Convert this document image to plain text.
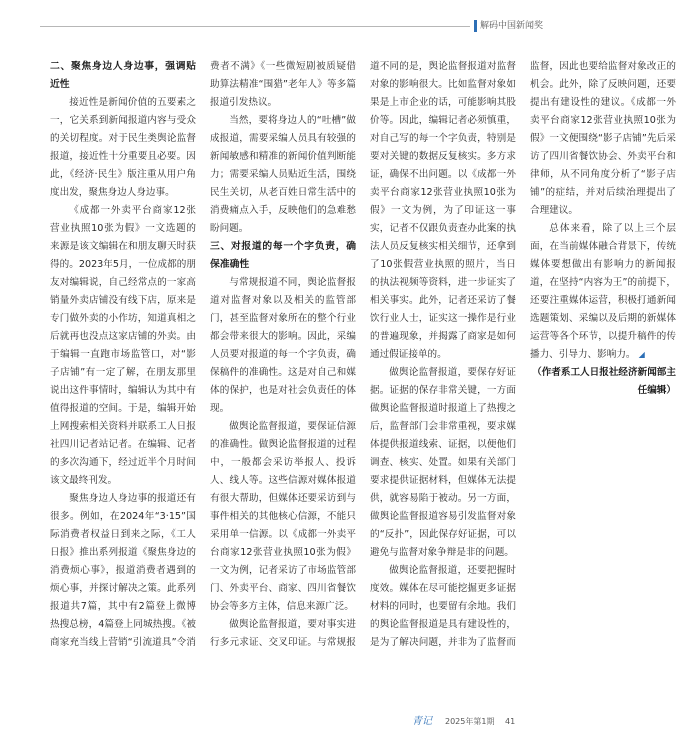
解码中国新闻奖
二、聚焦身边人身边事，强调贴近性

接近性是新闻价值的五要素之一，它关系到新闻报道内容与受众的关切程度。对于民生类舆论监督报道，接近性十分重要且必要。因此，《经济·民生》版注重从用户角度出发，聚焦身边人身边事。

《成都一外卖平台商家12张营业执照10张为假》一文选题的来源是该文编辑在和朋友聊天时获得的。2023年5月，一位成都的朋友对编辑说，自己经常点的一家高销量外卖店铺没有线下店，原来是专门做外卖的小作坊，知道真相之后就再也没点这家店铺的外卖。由于编辑一直跑市场监管口，对“影子店铺”有一定了解，在朋友那里说出这件事情时，编辑认为其中有值得报道的空间。于是，编辑开始上网搜索相关资料并联系工人日报社四川记者站记者。在编辑、记者的多次沟通下，经过近半个月时间该文最终刊发。

聚焦身边人身边事的报道还有很多。例如，在2024年“3·15”国际消费者权益日到来之际，《工人日报》推出系列报道《聚焦身边的消费烦心事》，报道消费者遇到的烦心事，并探讨解决之策。此系列报道共7篇，其中有2篇登上微博热搜总榜，4篇登上同城热搜。《被商家充当线上营销“引流道具”令消费者不满》《一些微短剧被质疑借助算法精准“围猎”老年人》等多篇报道引发热议。

当然，要将身边人的“吐槽”做成报道，需要采编人员具有较强的新闻敏感和精准的新闻价值判断能力；需要采编人员贴近生活，围绕民生关切，从老百姓日常生活中的消费痛点入手，反映他们的急难愁盼问题。

三、对报道的每一个字负责，确保准确性

与常规报道不同，舆论监督报道对监督对象以及相关的监管部门，甚至监督对象所在的整个行业都会带来很大的影响。因此，采编人员要对报道的每一个字负责，确保稿件的准确性。这是对自己和媒体的保护，也是对社会负责任的体现。

做舆论监督报道，要保证信源的准确性。做舆论监督报道的过程中，一般都会采访举报人、投诉人、线人等。这些信源对媒体报道有很大帮助，但媒体还要采访到与事件相关的其他核心信源，不能只采用单一信源。以《成都一外卖平台商家12张营业执照10张为假》一文为例，记者采访了市场监管部门、外卖平台、商家、四川省餐饮协会等多方主体，信息来源广泛。

做舆论监督报道，要对事实进行多元求证、交叉印证。与常规报道不同的是，舆论监督报道对监督对象的影响很大。比如监督对象如果是上市企业的话，可能影响其股价等。因此，编辑记者必须慎重，对自己写的每一个字负责，特别是要对关键的数据反复核实。多方求证，确保不出问题。以《成都一外卖平台商家12张营业执照10张为假》一文为例，为了印证这一事实，记者不仅跟负责查办此案的执法人员反复核实相关细节，还拿到了10张假营业执照的照片，当日的执法视频等资料，进一步证实了相关事实。此外，记者还采访了餐饮行业人士，证实这一操作是行业的普遍现象，并揭露了商家是如何通过假证接单的。

做舆论监督报道，要保存好证据。证据的保存非常关键，一方面做舆论监督报道时报道上了热搜之后，监督部门会非常重视，要求媒体提供报道线索、证据，以便他们调查、核实、处置。如果有关部门要求提供证据材料，但媒体无法提供，就容易陷于被动。另一方面，做舆论监督报道容易引发监督对象的“反扑”，因此保存好证据，可以避免与监督对象争辩是非的问题。

做舆论监督报道，还要把握时度效。媒体在尽可能挖掘更多证据材料的同时，也要留有余地。我们的舆论监督报道是具有建设性的，是为了解决问题，并非为了监督而监督，因此也要给监督对象改正的机会。此外，除了反映问题，还要提出有建设性的建议。《成都一外卖平台商家12张营业执照10张为假》一文便围绕“影子店铺”先后采访了四川省餐饮协会、外卖平台和律师，从不同角度分析了“影子店铺”的症结，并对后续治理提出了合理建议。

总体来看，除了以上三个层面，在当前媒体融合背景下，传统媒体要想做出有影响力的新闻报道，在坚持“内容为王”的前提下，还要注重媒体运营，积极打通新闻选题策划、采编以及后期的新媒体运营等各个环节，以提升稿件的传播力、引导力、影响力。 ◢

（作者系工人日报社经济新闻部主任编辑）

青记 2025年第1期 41
